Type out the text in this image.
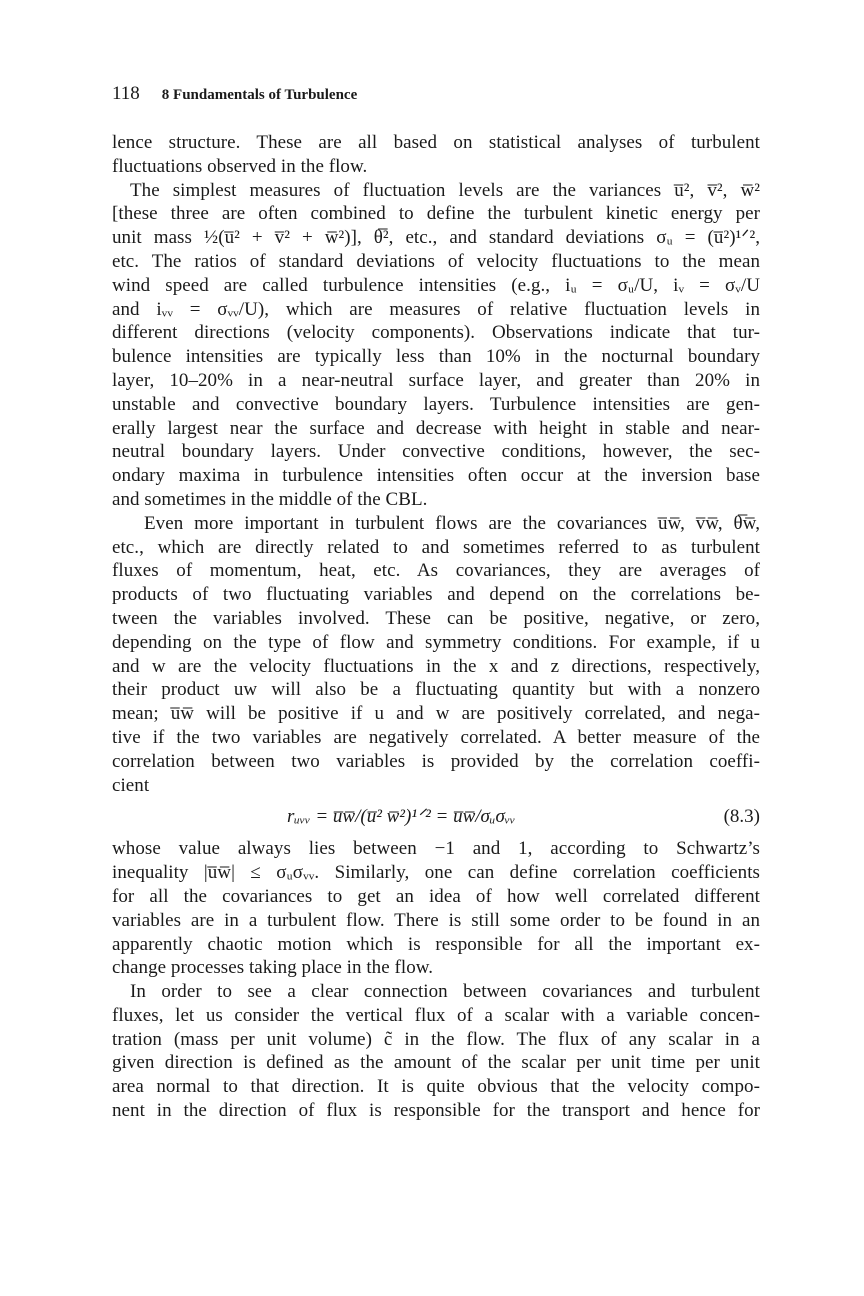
118 8 Fundamentals of Turbulence
lence structure. These are all based on statistical analyses of turbulent
fluctuations observed in the flow.
The simplest measures of fluctuation levels are the variances u̅², v̅², w̅²
[these three are often combined to define the turbulent kinetic energy per
unit mass ½(u̅² + v̅² + w̅²)], θ̅², etc., and standard deviations σᵤ = (u̅²)¹ᐟ²,
etc. The ratios of standard deviations of velocity fluctuations to the mean
wind speed are called turbulence intensities (e.g., iᵤ = σᵤ/U, iᵥ = σᵥ/U
and iᵥᵥ = σᵥᵥ/U), which are measures of relative fluctuation levels in
different directions (velocity components). Observations indicate that tur-
bulence intensities are typically less than 10% in the nocturnal boundary
layer, 10–20% in a near-neutral surface layer, and greater than 20% in
unstable and convective boundary layers. Turbulence intensities are gen-
erally largest near the surface and decrease with height in stable and near-
neutral boundary layers. Under convective conditions, however, the sec-
ondary maxima in turbulence intensities often occur at the inversion base
and sometimes in the middle of the CBL.
Even more important in turbulent flows are the covariances u̅w̅, v̅w̅, θ̅w̅,
etc., which are directly related to and sometimes referred to as turbulent
fluxes of momentum, heat, etc. As covariances, they are averages of
products of two fluctuating variables and depend on the correlations be-
tween the variables involved. These can be positive, negative, or zero,
depending on the type of flow and symmetry conditions. For example, if u
and w are the velocity fluctuations in the x and z directions, respectively,
their product uw will also be a fluctuating quantity but with a nonzero
mean; u̅w̅ will be positive if u and w are positively correlated, and nega-
tive if the two variables are negatively correlated. A better measure of the
correlation between two variables is provided by the correlation coeffi-
cient
rᵤᵥᵥ = u̅w̅/(u̅² w̅²)¹ᐟ² = u̅w̅/σᵤσᵥᵥ	(8.3)
whose value always lies between −1 and 1, according to Schwartz’s
inequality |u̅w̅| ≤ σᵤσᵥᵥ. Similarly, one can define correlation coefficients
for all the covariances to get an idea of how well correlated different
variables are in a turbulent flow. There is still some order to be found in an
apparently chaotic motion which is responsible for all the important ex-
change processes taking place in the flow.
In order to see a clear connection between covariances and turbulent
fluxes, let us consider the vertical flux of a scalar with a variable concen-
tration (mass per unit volume) c̃ in the flow. The flux of any scalar in a
given direction is defined as the amount of the scalar per unit time per unit
area normal to that direction. It is quite obvious that the velocity compo-
nent in the direction of flux is responsible for the transport and hence for
